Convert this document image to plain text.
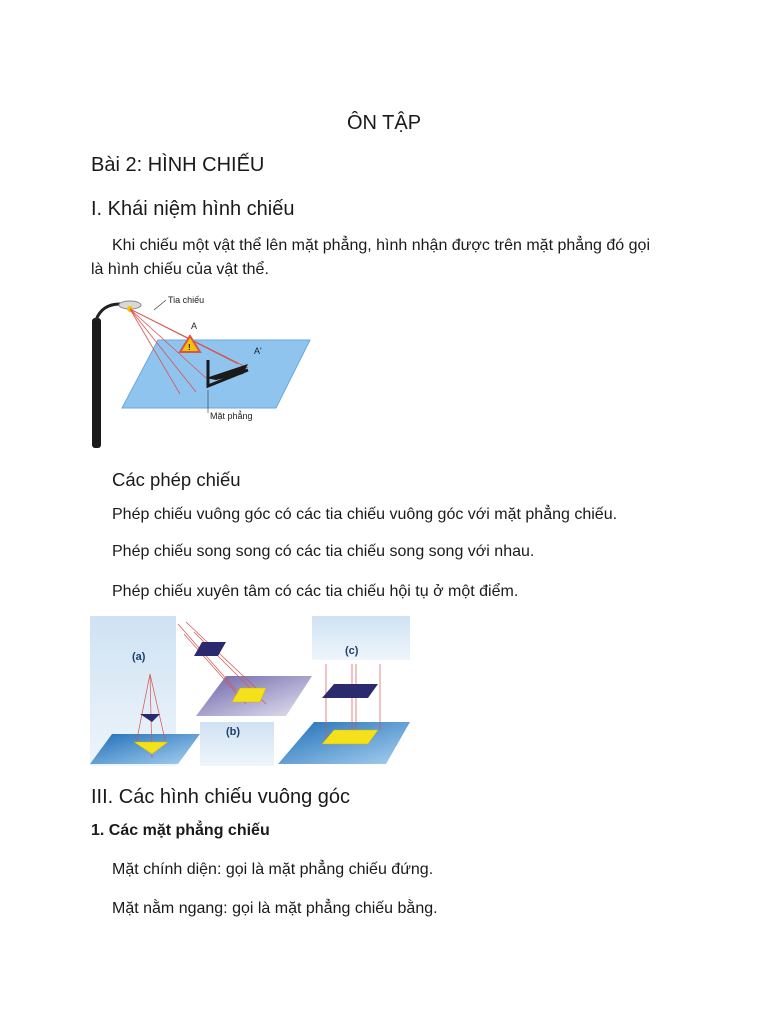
ÔN TẬP
Bài 2: HÌNH CHIẾU
I. Khái niệm hình chiếu
Khi chiếu một vật thể lên mặt phẳng, hình nhận được trên mặt phẳng đó gọi
là hình chiếu của vật thể.
!
Tia chiếu
A
A'
Mặt phẳng
Các phép chiếu
Phép chiếu vuông góc có các tia chiếu vuông góc với mặt phẳng chiếu.
Phép chiếu song song có các tia chiếu song song với nhau.
Phép chiếu xuyên tâm có các tia chiếu hội tụ ở một điểm.
(a)
(b)
(c)
III. Các hình chiếu vuông góc
1. Các mặt phẳng chiếu
Mặt chính diện: gọi là mặt phẳng chiếu đứng.
Mặt nằm ngang: gọi là mặt phẳng chiếu bằng.
